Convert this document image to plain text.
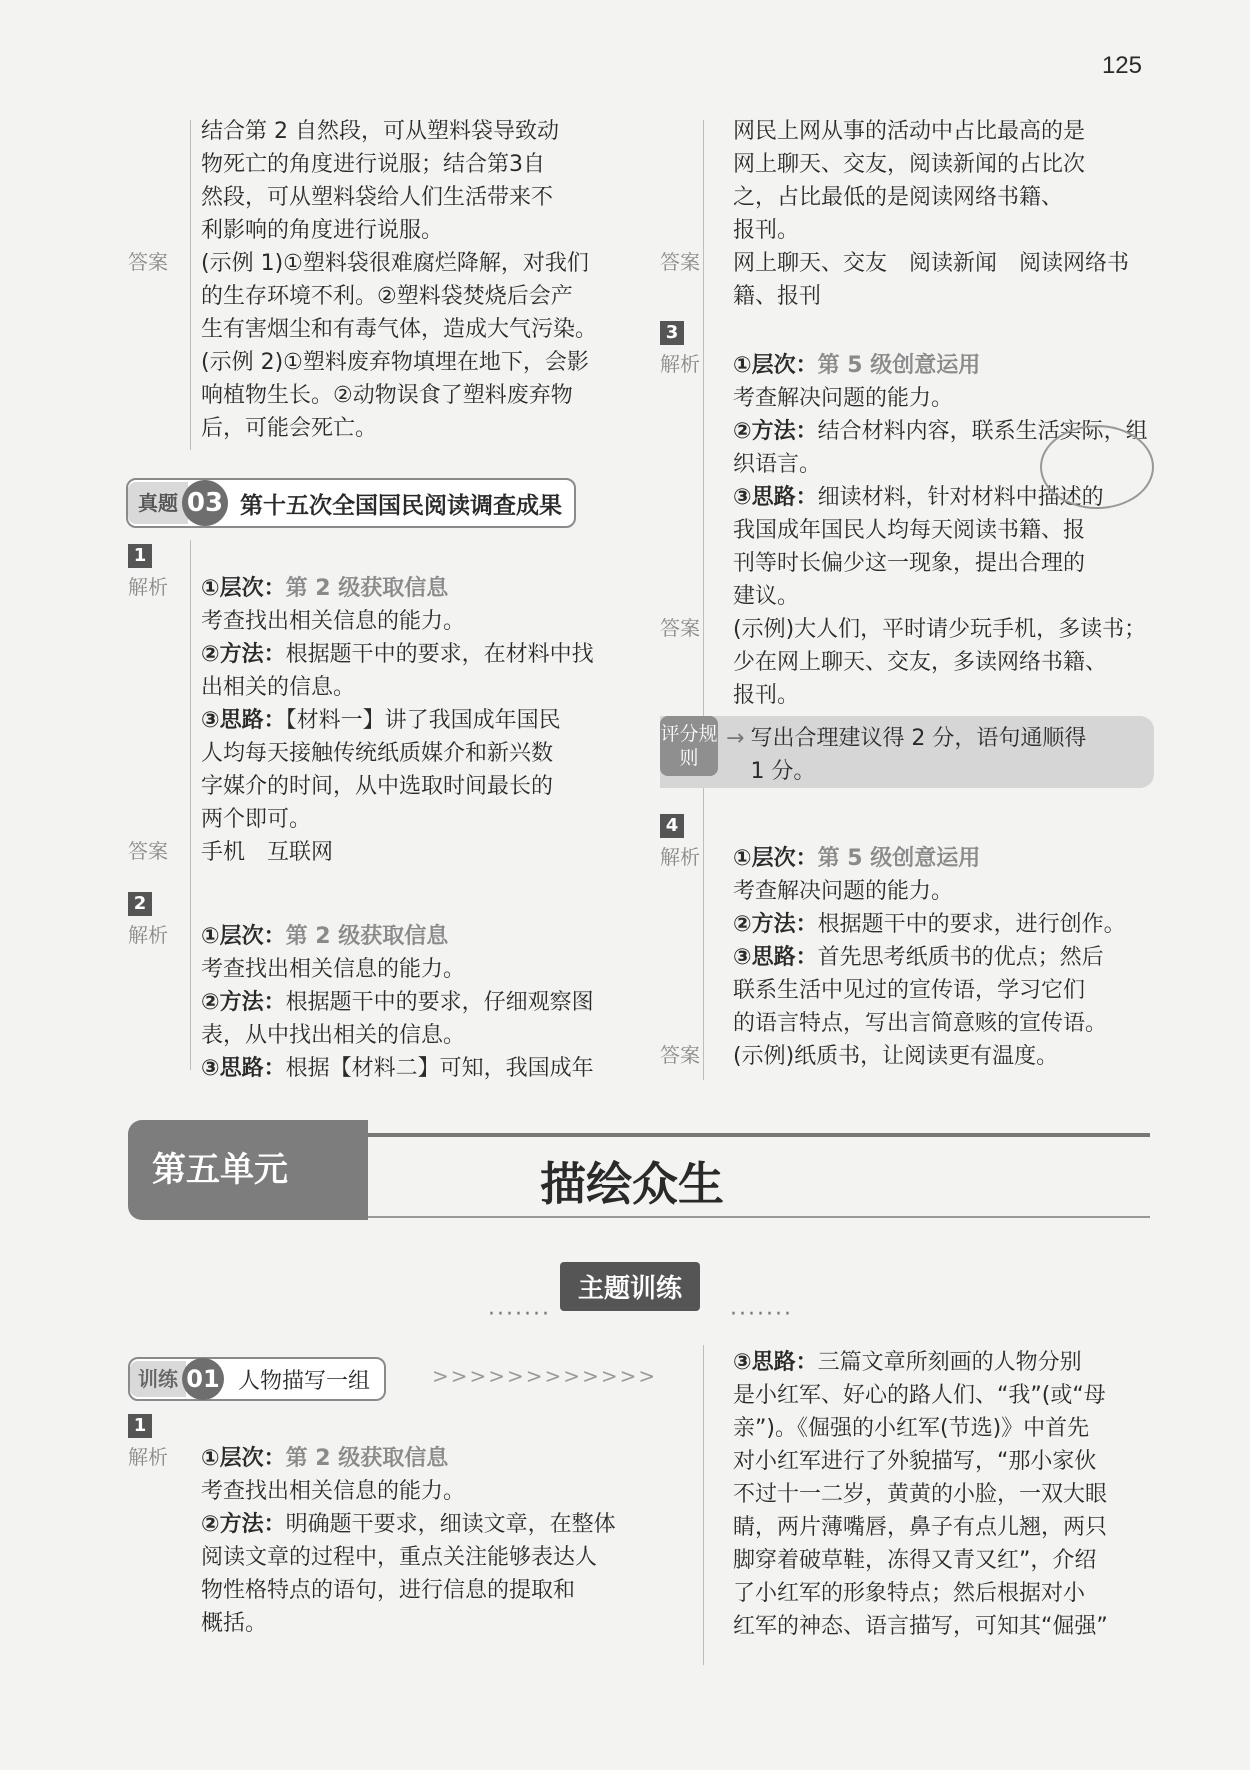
125
结合第 2 自然段，可从塑料袋导致动
物死亡的角度进行说服；结合第3自
然段，可从塑料袋给人们生活带来不
利影响的角度进行说服。
答案	(示例 1)①塑料袋很难腐烂降解，对我们
的生存环境不利。②塑料袋焚烧后会产
生有害烟尘和有毒气体，造成大气污染。
(示例 2)①塑料废弃物填埋在地下，会影
响植物生长。②动物误食了塑料废弃物
后，可能会死亡。
真题 03 第十五次全国国民阅读调查成果
1
解析	①层次： 第 2 级获取信息
考查找出相关信息的能力。
②方法：根据题干中的要求，在材料中找
出相关的信息。
③思路：【材料一】讲了我国成年国民
人均每天接触传统纸质媒介和新兴数
字媒介的时间，从中选取时间最长的
两个即可。
答案	手机　互联网
2
解析	①层次： 第 2 级获取信息
考查找出相关信息的能力。
②方法：根据题干中的要求，仔细观察图
表，从中找出相关的信息。
③思路：根据【材料二】可知，我国成年
网民上网从事的活动中占比最高的是
网上聊天、交友，阅读新闻的占比次
之，占比最低的是阅读网络书籍、
报刊。
答案	网上聊天、交友　阅读新闻　阅读网络书
籍、报刊
3
解析	①层次： 第 5 级创意运用
考查解决问题的能力。
②方法：结合材料内容，联系生活实际，组
织语言。
③思路：细读材料，针对材料中描述的
我国成年国民人均每天阅读书籍、报
刊等时长偏少这一现象，提出合理的
建议。
答案	(示例)大人们，平时请少玩手机，多读书；
少在网上聊天、交友，多读网络书籍、
报刊。
评分规则
→ 写出合理建议得 2 分，语句通顺得
1 分。
4
解析	①层次： 第 5 级创意运用
考查解决问题的能力。
②方法：根据题干中的要求，进行创作。
③思路：首先思考纸质书的优点；然后
联系生活中见过的宣传语，学习它们
的语言特点，写出言简意赅的宣传语。
答案	(示例)纸质书，让阅读更有温度。
第五单元	描绘众生
·······
主题训练
·······
训练 01 人物描写一组	>>>>>>>>>>>>
1
解析	①层次： 第 2 级获取信息
考查找出相关信息的能力。
②方法：明确题干要求，细读文章，在整体
阅读文章的过程中，重点关注能够表达人
物性格特点的语句，进行信息的提取和
概括。
③思路：三篇文章所刻画的人物分别
是小红军、好心的路人们、“我”(或“母
亲”)。《倔强的小红军(节选)》中首先
对小红军进行了外貌描写，“那小家伙
不过十一二岁，黄黄的小脸，一双大眼
睛，两片薄嘴唇，鼻子有点儿翘，两只
脚穿着破草鞋，冻得又青又红”，介绍
了小红军的形象特点；然后根据对小
红军的神态、语言描写，可知其“倔强”
